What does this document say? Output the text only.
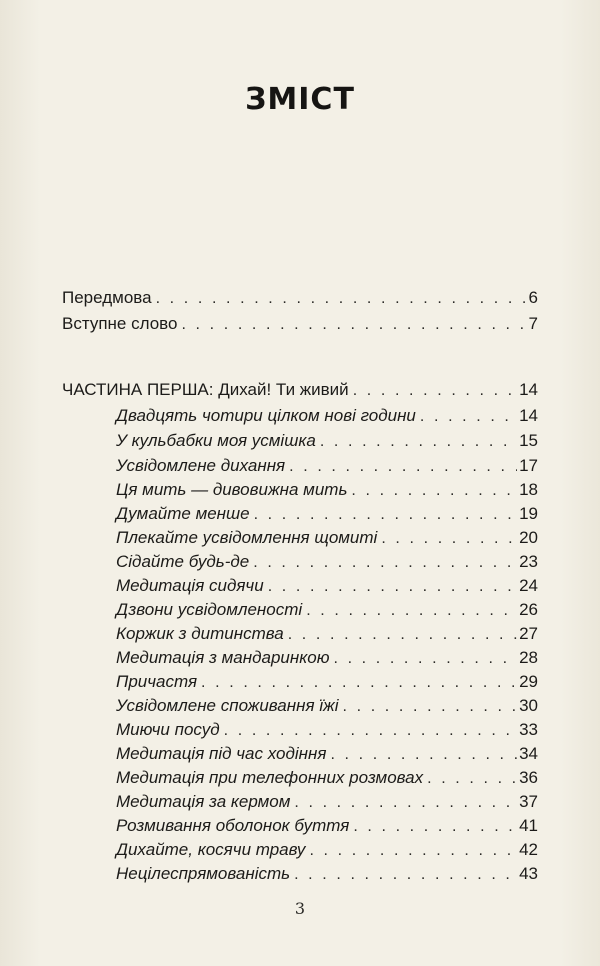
ЗМІСТ
Передмова . . .	6
Вступне слово . . .	7
ЧАСТИНА ПЕРША: Дихай! Ти живий . . .	14
Двадцять чотири цілком нові години . . .	14
У кульбабки моя усмішка . . .	15
Усвідомлене дихання . . .	17
Ця мить — дивовижна мить . . .	18
Думайте менше . . .	19
Плекайте усвідомлення щомиті . . .	20
Сідайте будь-де . . .	23
Медитація сидячи . . .	24
Дзвони усвідомленості . . .	26
Коржик з дитинства . . .	27
Медитація з мандаринкою . . .	28
Причастя . . .	29
Усвідомлене споживання їжі . . .	30
Миючи посуд . . .	33
Медитація під час ходіння . . .	34
Медитація при телефонних розмовах . . .	36
Медитація за кермом . . .	37
Розмивання оболонок буття . . .	41
Дихайте, косячи траву . . .	42
Нецілеспрямованість . . .	43
3
